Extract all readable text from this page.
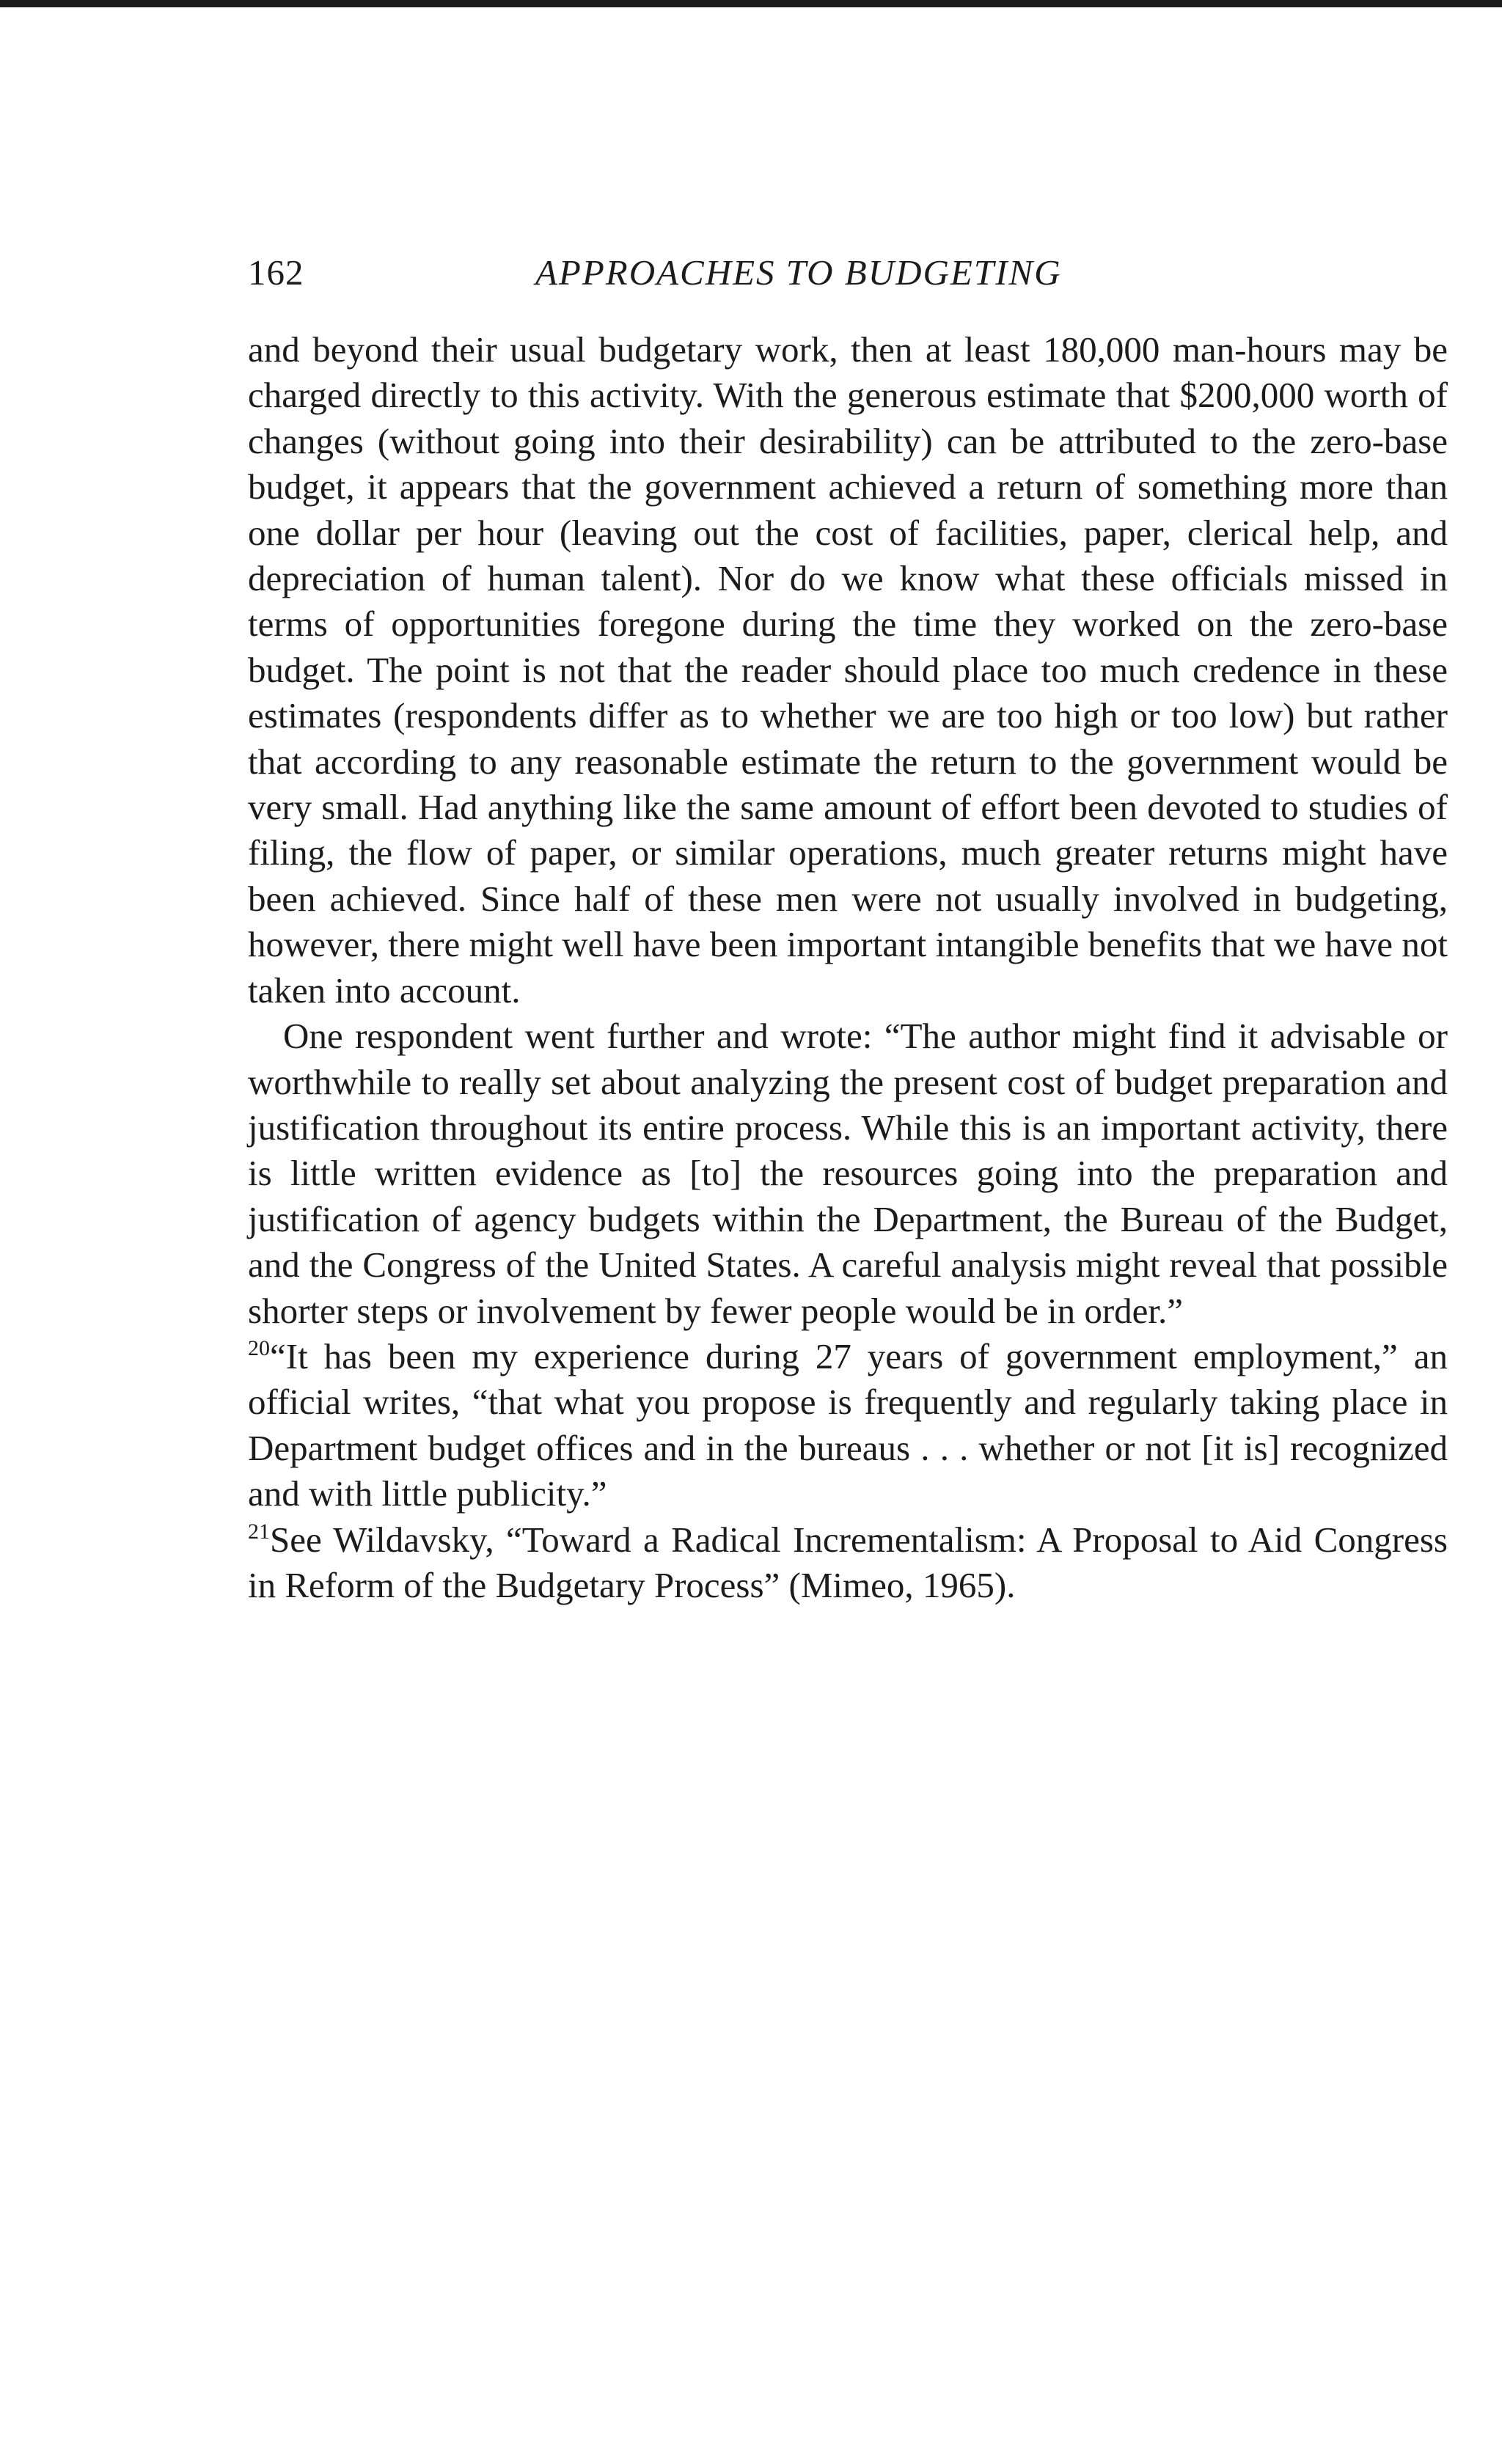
162	APPROACHES TO BUDGETING

and beyond their usual budgetary work, then at least 180,000 man-hours may be charged directly to this activity. With the generous estimate that $200,000 worth of changes (without going into their desirability) can be attributed to the zero-base budget, it appears that the government achieved a return of something more than one dollar per hour (leaving out the cost of facilities, paper, clerical help, and depreciation of human talent). Nor do we know what these officials missed in terms of opportunities foregone during the time they worked on the zero-base budget. The point is not that the reader should place too much credence in these estimates (respondents differ as to whether we are too high or too low) but rather that according to any reasonable estimate the return to the government would be very small. Had anything like the same amount of effort been devoted to studies of filing, the flow of paper, or similar operations, much greater returns might have been achieved. Since half of these men were not usually involved in budgeting, however, there might well have been important intangible benefits that we have not taken into account.

One respondent went further and wrote: “The author might find it advisable or worthwhile to really set about analyzing the present cost of budget preparation and justification throughout its entire process. While this is an important activity, there is little written evidence as [to] the resources going into the preparation and justification of agency budgets within the Department, the Bureau of the Budget, and the Congress of the United States. A careful analysis might reveal that possible shorter steps or involvement by fewer people would be in order.”

$^{20}$“It has been my experience during 27 years of government employment,” an official writes, “that what you propose is frequently and regularly taking place in Department budget offices and in the bureaus . . . whether or not [it is] recognized and with little publicity.”

$^{21}$See Wildavsky, “Toward a Radical Incrementalism: A Proposal to Aid Congress in Reform of the Budgetary Process” (Mimeo, 1965).
